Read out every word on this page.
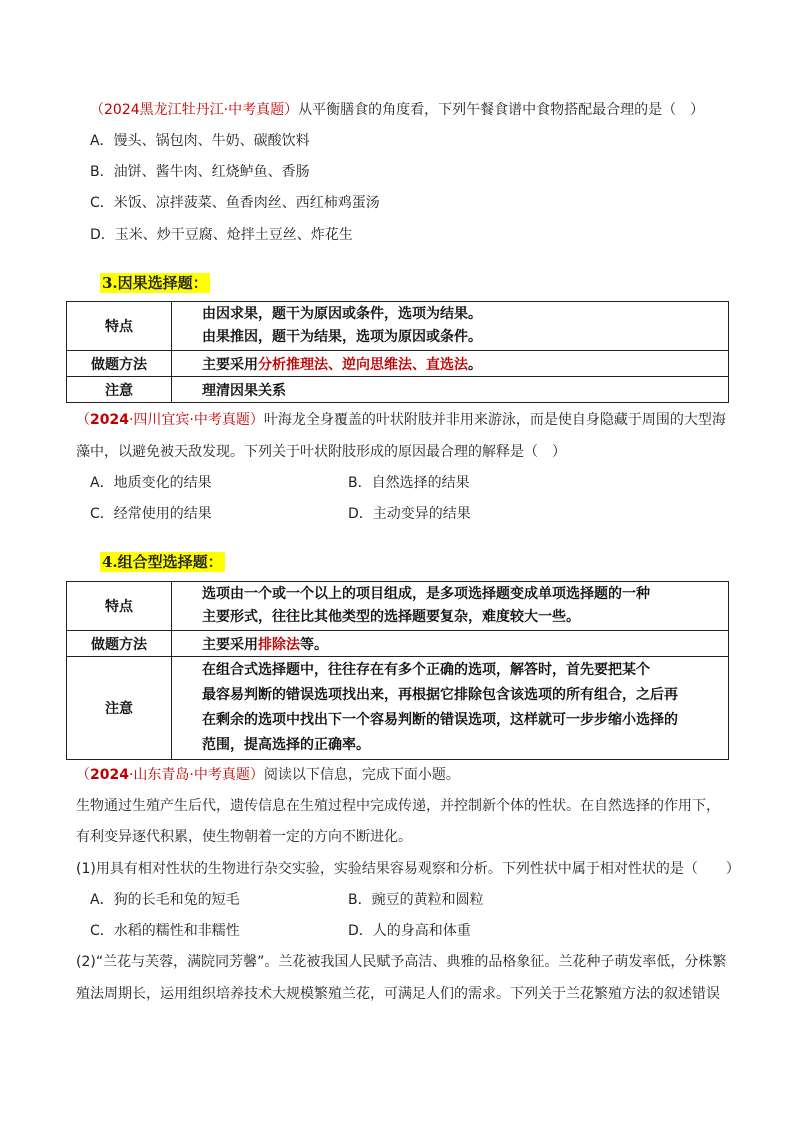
（2024黑龙江牡丹江·中考真题）从平衡膳食的角度看，下列午餐食谱中食物搭配最合理的是（　）
A．馒头、锅包肉、牛奶、碳酸饮料
B．油饼、酱牛肉、红烧鲈鱼、香肠
C．米饭、凉拌菠菜、鱼香肉丝、西红柿鸡蛋汤
D．玉米、炒干豆腐、炝拌土豆丝、炸花生
3.因果选择题：
特点	由因求果，题干为原因或条件，选项为结果。
由果推因，题干为结果，选项为原因或条件。

做题方法	主要采用分析推理法、逆向思维法、直选法。
注意	理清因果关系
（2024·四川宜宾·中考真题）叶海龙全身覆盖的叶状附肢并非用来游泳，而是使自身隐藏于周围的大型海
藻中，以避免被天敌发现。下列关于叶状附肢形成的原因最合理的解释是（　）
A．地质变化的结果	B．自然选择的结果
C．经常使用的结果	D．主动变异的结果
4.组合型选择题：
特点	选项由一个或一个以上的项目组成，是多项选择题变成单项选择题的一种
主要形式，往往比其他类型的选择题要复杂，难度较大一些。

做题方法	主要采用排除法等。
注意	在组合式选择题中，往往存在有多个正确的选项，解答时，首先要把某个
最容易判断的错误选项找出来，再根据它排除包含该选项的所有组合，之后再
在剩余的选项中找出下一个容易判断的错误选项，这样就可一步步缩小选择的
范围，提高选择的正确率。
（2024·山东青岛·中考真题）阅读以下信息，完成下面小题。
生物通过生殖产生后代，遗传信息在生殖过程中完成传递，并控制新个体的性状。在自然选择的作用下，
有利变异逐代积累，使生物朝着一定的方向不断进化。
(1)用具有相对性状的生物进行杂交实验，实验结果容易观察和分析。下列性状中属于相对性状的是（　　）
A．狗的长毛和兔的短毛	B．豌豆的黄粒和圆粒
C．水稻的糯性和非糯性	D．人的身高和体重
(2)“兰花与芙蓉，满院同芳馨”。兰花被我国人民赋予高洁、典雅的品格象征。兰花种子萌发率低，分株繁
殖法周期长，运用组织培养技术大规模繁殖兰花，可满足人们的需求。下列关于兰花繁殖方法的叙述错误
